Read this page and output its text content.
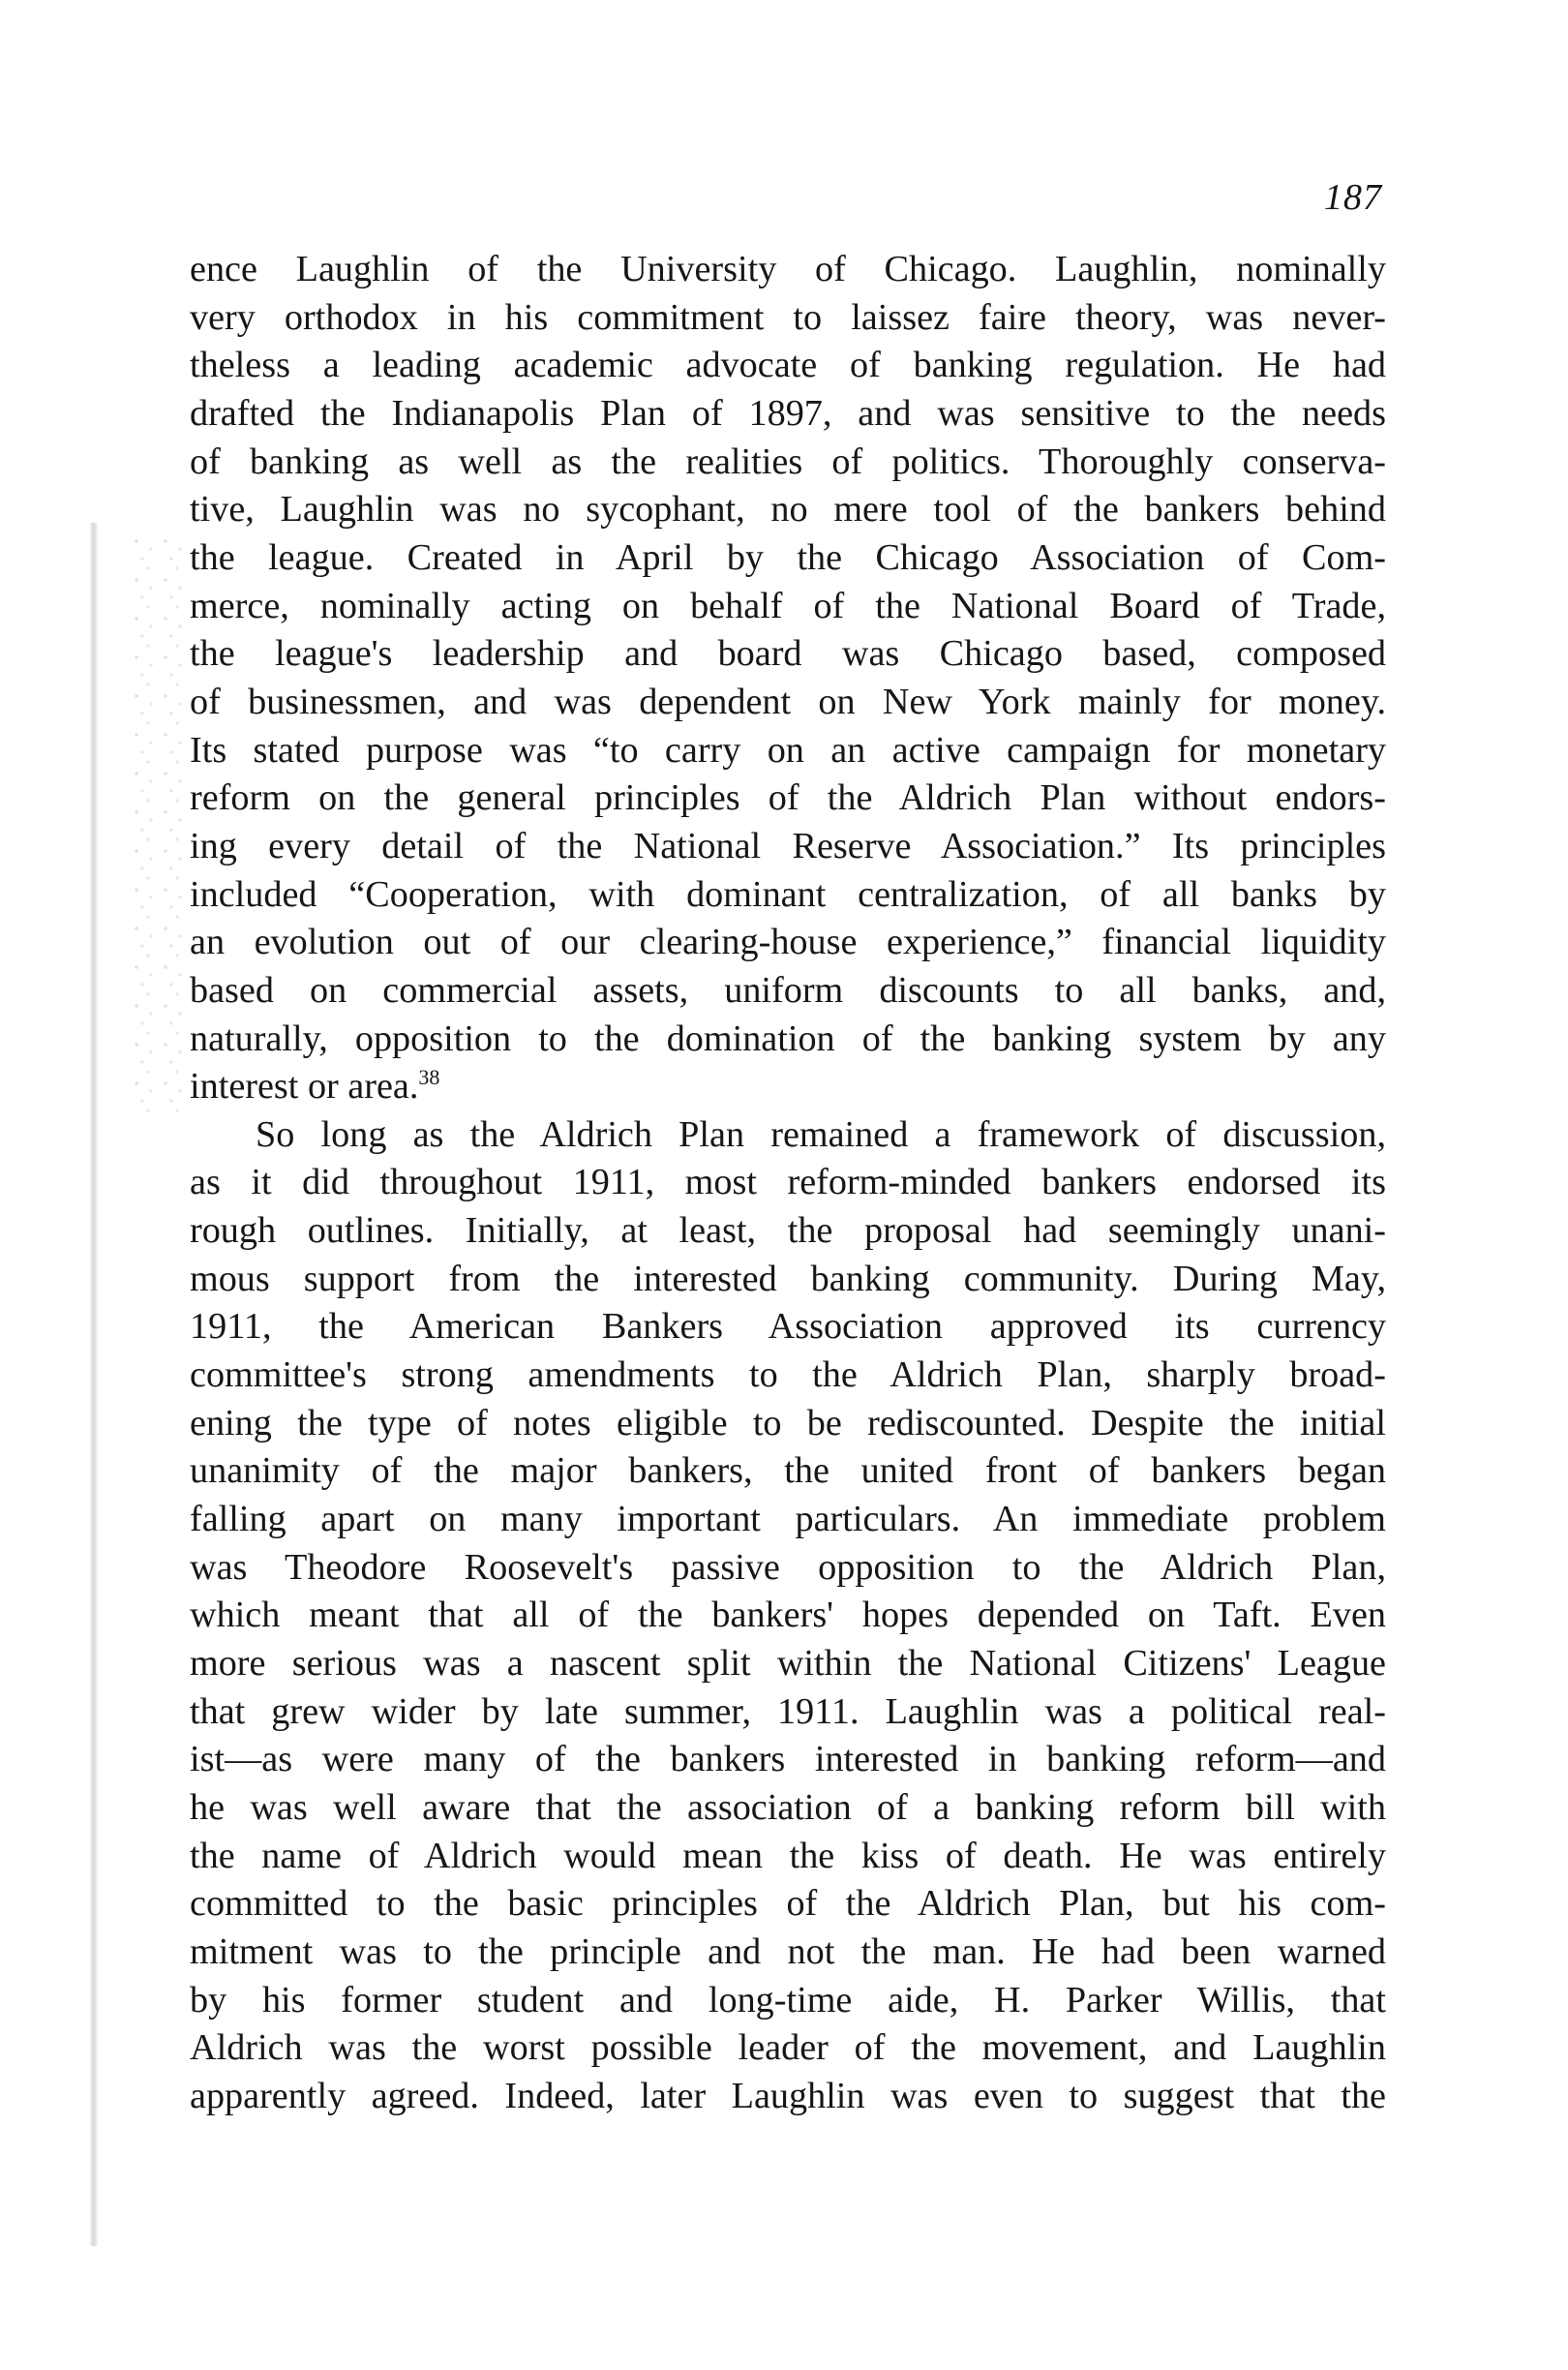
187
ence Laughlin of the University of Chicago. Laughlin, nominally
very orthodox in his commitment to laissez faire theory, was never-
theless a leading academic advocate of banking regulation. He had
drafted the Indianapolis Plan of 1897, and was sensitive to the needs
of banking as well as the realities of politics. Thoroughly conserva-
tive, Laughlin was no sycophant, no mere tool of the bankers behind
the league. Created in April by the Chicago Association of Com-
merce, nominally acting on behalf of the National Board of Trade,
the league's leadership and board was Chicago based, composed
of businessmen, and was dependent on New York mainly for money.
Its stated purpose was “to carry on an active campaign for monetary
reform on the general principles of the Aldrich Plan without endors-
ing every detail of the National Reserve Association.” Its principles
included “Cooperation, with dominant centralization, of all banks by
an evolution out of our clearing-house experience,” financial liquidity
based on commercial assets, uniform discounts to all banks, and,
naturally, opposition to the domination of the banking system by any
interest or area.$^{38}$
So long as the Aldrich Plan remained a framework of discussion,
as it did throughout 1911, most reform-minded bankers endorsed its
rough outlines. Initially, at least, the proposal had seemingly unani-
mous support from the interested banking community. During May,
1911, the American Bankers Association approved its currency
committee's strong amendments to the Aldrich Plan, sharply broad-
ening the type of notes eligible to be rediscounted. Despite the initial
unanimity of the major bankers, the united front of bankers began
falling apart on many important particulars. An immediate problem
was Theodore Roosevelt's passive opposition to the Aldrich Plan,
which meant that all of the bankers' hopes depended on Taft. Even
more serious was a nascent split within the National Citizens' League
that grew wider by late summer, 1911. Laughlin was a political real-
ist—as were many of the bankers interested in banking reform—and
he was well aware that the association of a banking reform bill with
the name of Aldrich would mean the kiss of death. He was entirely
committed to the basic principles of the Aldrich Plan, but his com-
mitment was to the principle and not the man. He had been warned
by his former student and long-time aide, H. Parker Willis, that
Aldrich was the worst possible leader of the movement, and Laughlin
apparently agreed. Indeed, later Laughlin was even to suggest that the
